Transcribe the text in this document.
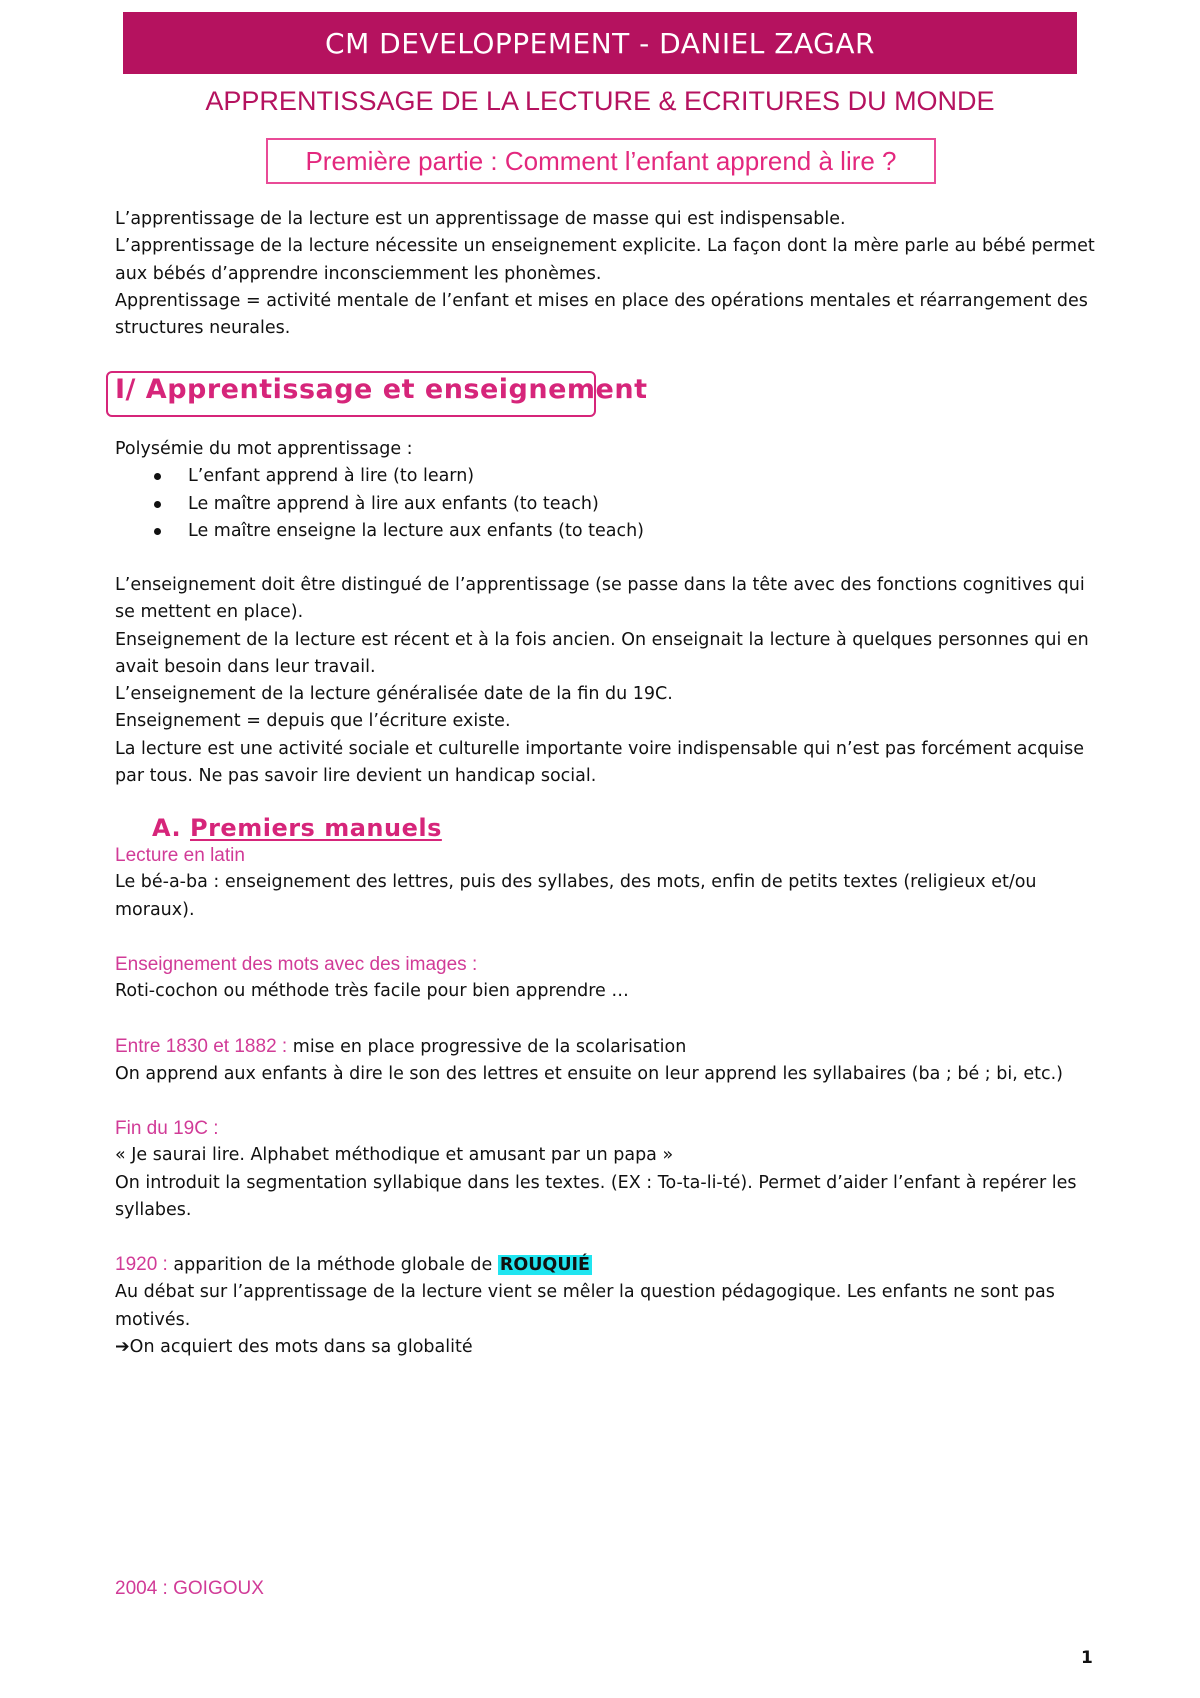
CM DEVELOPPEMENT - DANIEL ZAGAR
APPRENTISSAGE DE LA LECTURE & ECRITURES DU MONDE
Première partie : Comment l’enfant apprend à lire ?

L’apprentissage de la lecture est un apprentissage de masse qui est indispensable.

L’apprentissage de la lecture nécessite un enseignement explicite. La façon dont la mère parle au bébé permet aux bébés d’apprendre inconsciemment les phonèmes.

Apprentissage = activité mentale de l’enfant et mises en place des opérations mentales et réarrangement des structures neurales.

I/ Apprentissage et enseignement

Polysémie du mot apprentissage :

L’enfant apprend à lire (to learn)
Le maître apprend à lire aux enfants (to teach)
Le maître enseigne la lecture aux enfants (to teach)

L’enseignement doit être distingué de l’apprentissage (se passe dans la tête avec des fonctions cognitives qui se mettent en place).

Enseignement de la lecture est récent et à la fois ancien. On enseignait la lecture à quelques personnes qui en avait besoin dans leur travail.

L’enseignement de la lecture généralisée date de la fin du 19C.

Enseignement = depuis que l’écriture existe.

La lecture est une activité sociale et culturelle importante voire indispensable qui n’est pas forcément acquise par tous. Ne pas savoir lire devient un handicap social.

A. Premiers manuels

Lecture en latin

Le bé-a-ba : enseignement des lettres, puis des syllabes, des mots, enfin de petits textes (religieux et/ou moraux).

Enseignement des mots avec des images :

Roti-cochon ou méthode très facile pour bien apprendre …

Entre 1830 et 1882 : mise en place progressive de la scolarisation

On apprend aux enfants à dire le son des lettres et ensuite on leur apprend les syllabaires (ba ; bé ; bi, etc.)

Fin du 19C :

« Je saurai lire. Alphabet méthodique et amusant par un papa »

On introduit la segmentation syllabique dans les textes. (EX : To-ta-li-té). Permet d’aider l’enfant à repérer les syllabes.

1920 : apparition de la méthode globale de ROUQUIÉ

Au débat sur l’apprentissage de la lecture vient se mêler la question pédagogique. Les enfants ne sont pas motivés.

➔On acquiert des mots dans sa globalité

2004 : GOIGOUX
1
